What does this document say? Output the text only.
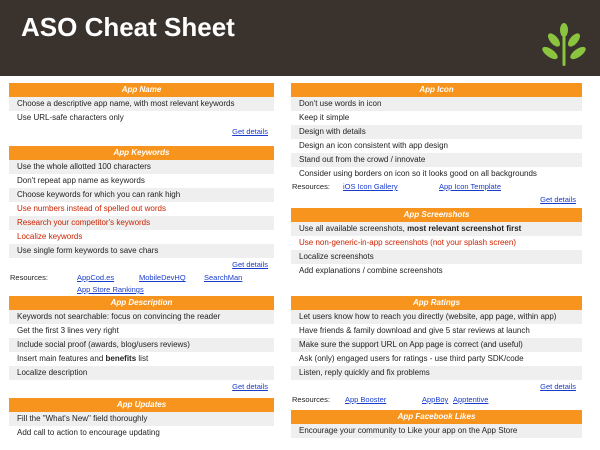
ASO Cheat Sheet
App Name
Choose a descriptive app name, with most relevant keywords
Use URL-safe characters only
Get details
App Keywords
Use the whole allotted 100 characters
Don't repeat app name as keywords
Choose keywords for which you can rank high
Use numbers instead of spelled out words
Research your competitor's keywords
Localize keywords
Use single form keywords to save chars
Get details
Resources:	AppCod.es	MobileDevHQ SearchMan
App Store Rankings
App Description
Keywords not searchable: focus on convincing the reader
Get the first 3 lines very right
Include social proof (awards, blog/users reviews)
Insert main features and benefits list
Localize description
Get details
App Updates
Fill the "What's New" field thoroughly
Add call to action to encourage updating
App Icon
Don't use words in icon
Keep it simple
Design with details
Design an icon consistent with app design
Stand out from the crowd / innovate
Consider using borders on icon so it looks good on all backgrounds
Resources: iOS Icon Gallery	App Icon Template
Get details
App Screenshots
Use all available screenshots, most relevant screenshot first
Use non-generic-in-app screenshots (not your splash screen)
Localize screenshots
Add explanations / combine screenshots
App Ratings
Let users know how to reach you directly (website, app page, within app)
Have friends & family download and give 5 star reviews at launch
Make sure the support URL on App page is correct (and useful)
Ask (only) engaged users for ratings - use third party SDK/code
Listen, reply quickly and fix problems
Get details
Resources: App Booster	AppBoy Apptentive
App Facebook Likes
Encourage your community to Like your app on the App Store
